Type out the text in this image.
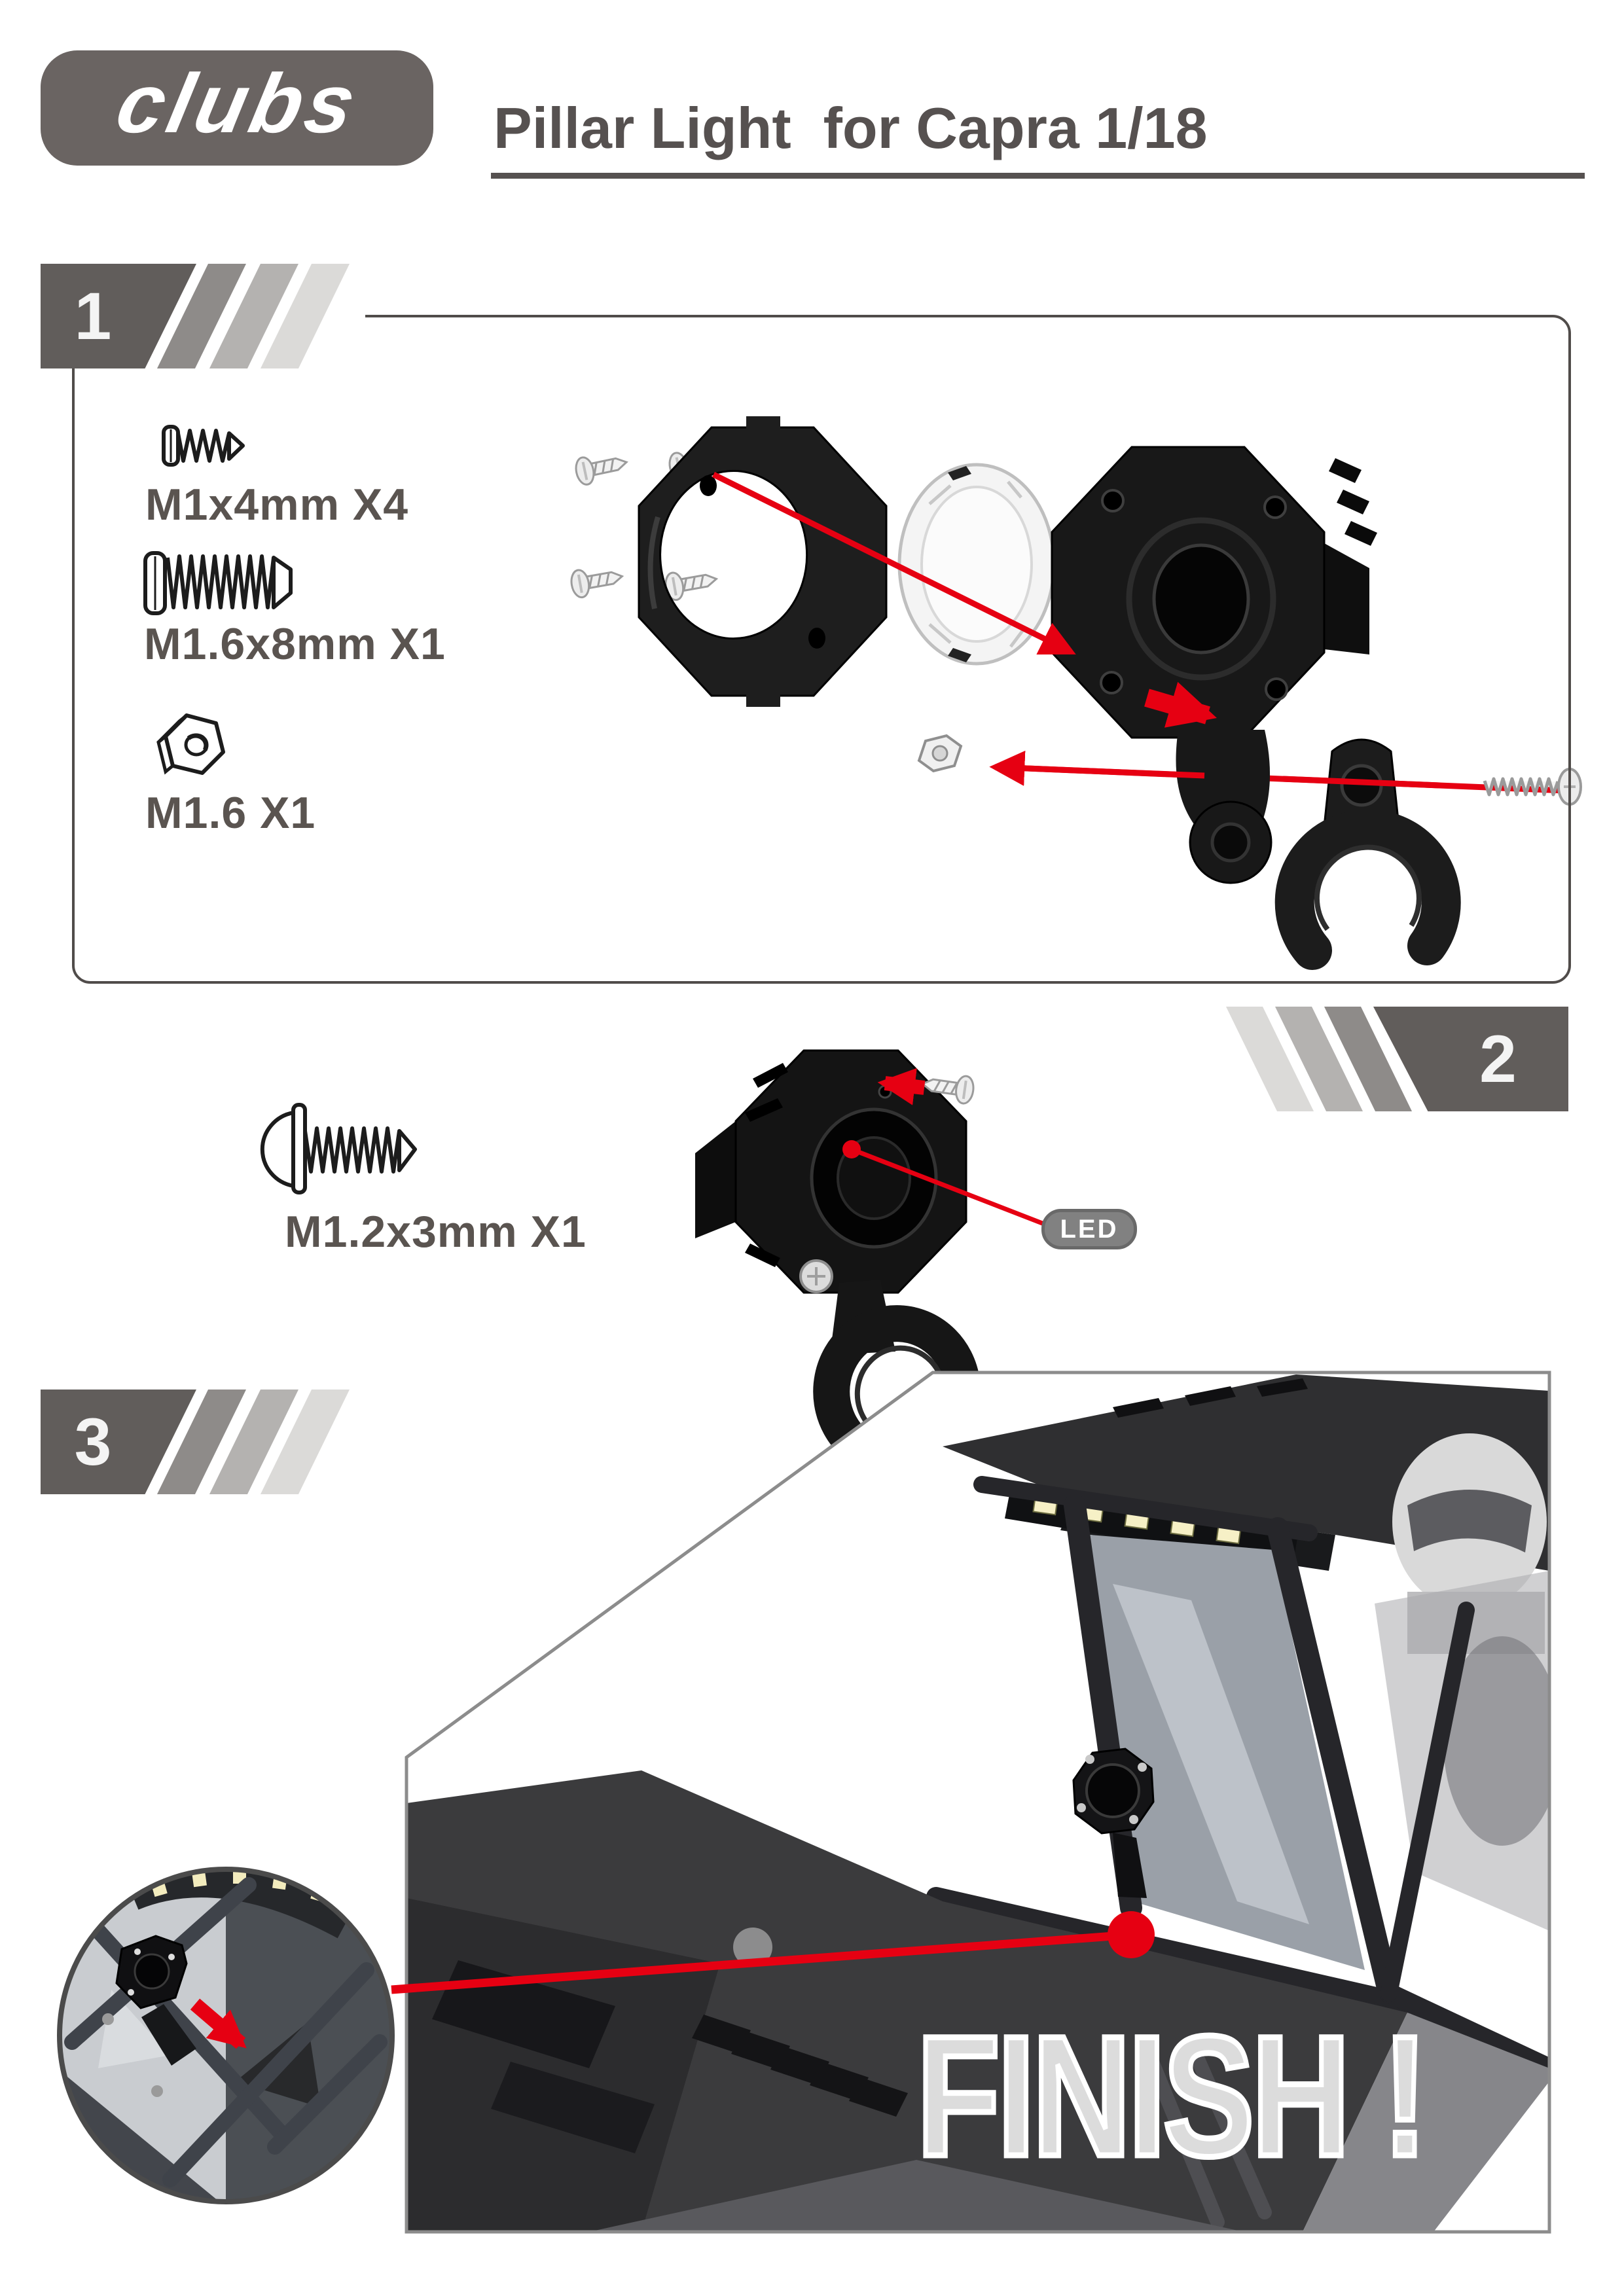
clubs Pillar Light  for Capra 1/18
1
M1x4mm X4
M1.6x8mm X1
M1.6 X1
2
M1.2x3mm X1	LED
3
FINISH !
